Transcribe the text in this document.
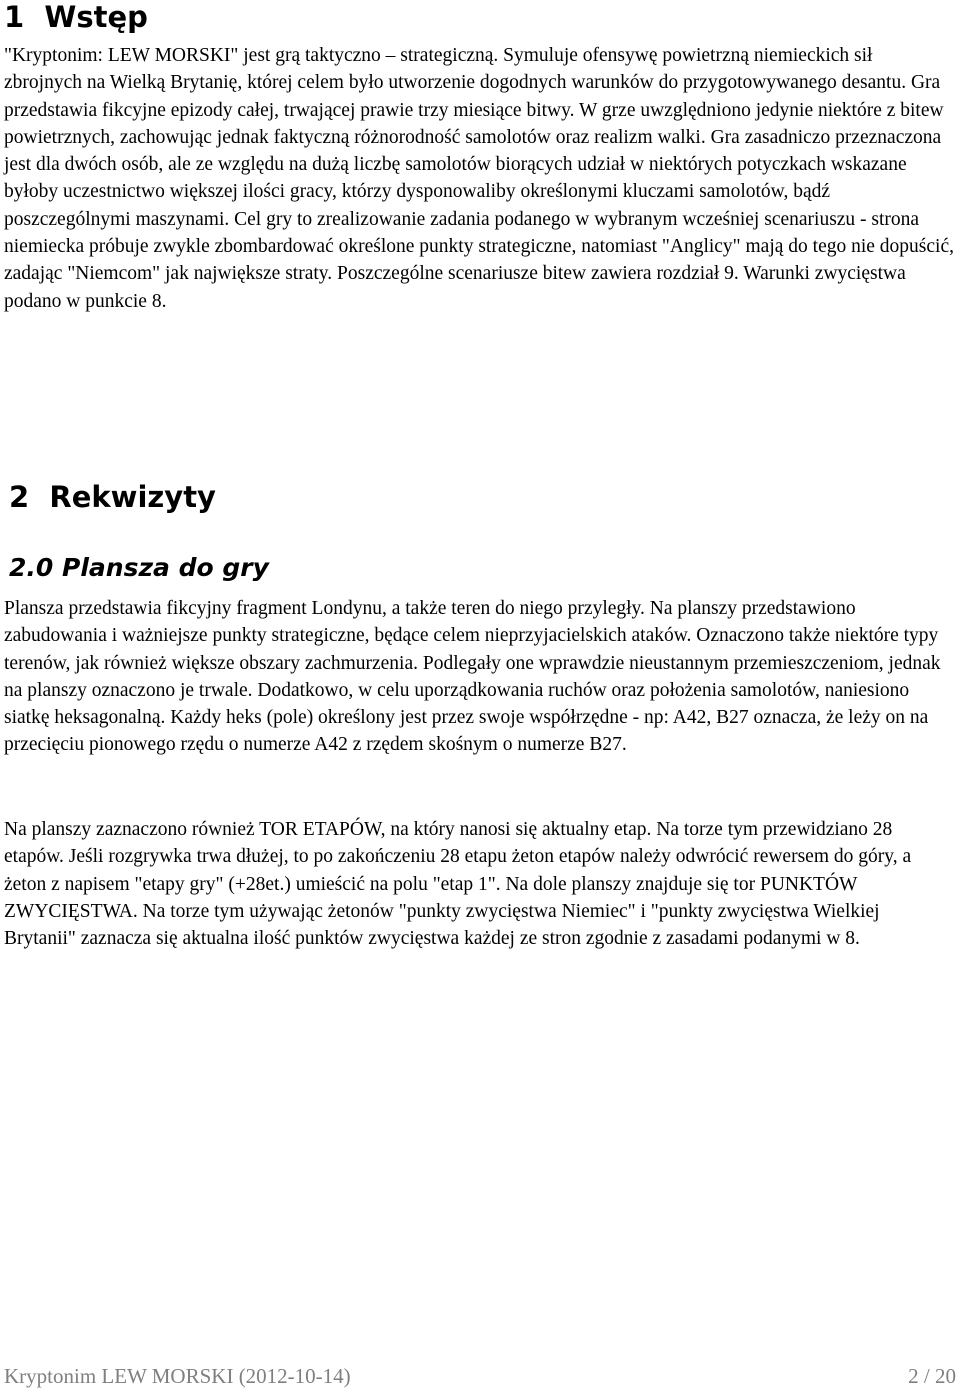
1 Wstęp

"Kryptonim: LEW MORSKI" jest grą taktyczno – strategiczną. Symuluje ofensywę powietrzną niemieckich sił zbrojnych na Wielką Brytanię, której celem było utworzenie dogodnych warunków do przygotowywanego desantu. Gra przedstawia fikcyjne epizody całej, trwającej prawie trzy miesiące bitwy. W grze uwzględniono jedynie niektóre z bitew powietrznych, zachowując jednak faktyczną różnorodność samolotów oraz realizm walki. Gra zasadniczo przeznaczona jest dla dwóch osób, ale ze względu na dużą liczbę samolotów biorących udział w niektórych potyczkach wskazane byłoby uczestnictwo większej ilości gracy, którzy dysponowaliby określonymi kluczami samolotów, bądź poszczególnymi maszynami. Cel gry to zrealizowanie zadania podanego w wybranym wcześniej scenariuszu - strona niemiecka próbuje zwykle zbombardować określone punkty strategiczne, natomiast "Anglicy" mają do tego nie dopuścić, zadając "Niemcom" jak największe straty. Poszczególne scenariusze bitew zawiera rozdział 9. Warunki zwycięstwa podano w punkcie 8.

2 Rekwizyty
2.0 Plansza do gry

Plansza przedstawia fikcyjny fragment Londynu, a także teren do niego przyległy. Na planszy przedstawiono zabudowania i ważniejsze punkty strategiczne, będące celem nieprzyjacielskich ataków. Oznaczono także niektóre typy terenów, jak również większe obszary zachmurzenia. Podlegały one wprawdzie nieustannym przemieszczeniom, jednak na planszy oznaczono je trwale. Dodatkowo, w celu uporządkowania ruchów oraz położenia samolotów, naniesiono siatkę heksagonalną. Każdy heks (pole) określony jest przez swoje współrzędne - np: A42, B27 oznacza, że leży on na przecięciu pionowego rzędu o numerze A42 z rzędem skośnym o numerze B27.

Na planszy zaznaczono również TOR ETAPÓW, na który nanosi się aktualny etap. Na torze tym przewidziano 28 etapów. Jeśli rozgrywka trwa dłużej, to po zakończeniu 28 etapu żeton etapów należy odwrócić rewersem do góry, a żeton z napisem "etapy gry" (+28et.) umieścić na polu "etap 1". Na dole planszy znajduje się tor PUNKTÓW ZWYCIĘSTWA. Na torze tym używając żetonów "punkty zwycięstwa Niemiec" i "punkty zwycięstwa Wielkiej Brytanii" zaznacza się aktualna ilość punktów zwycięstwa każdej ze stron zgodnie z zasadami podanymi w 8.

Kryptonim LEW MORSKI (2012-10-14)	2 / 20
